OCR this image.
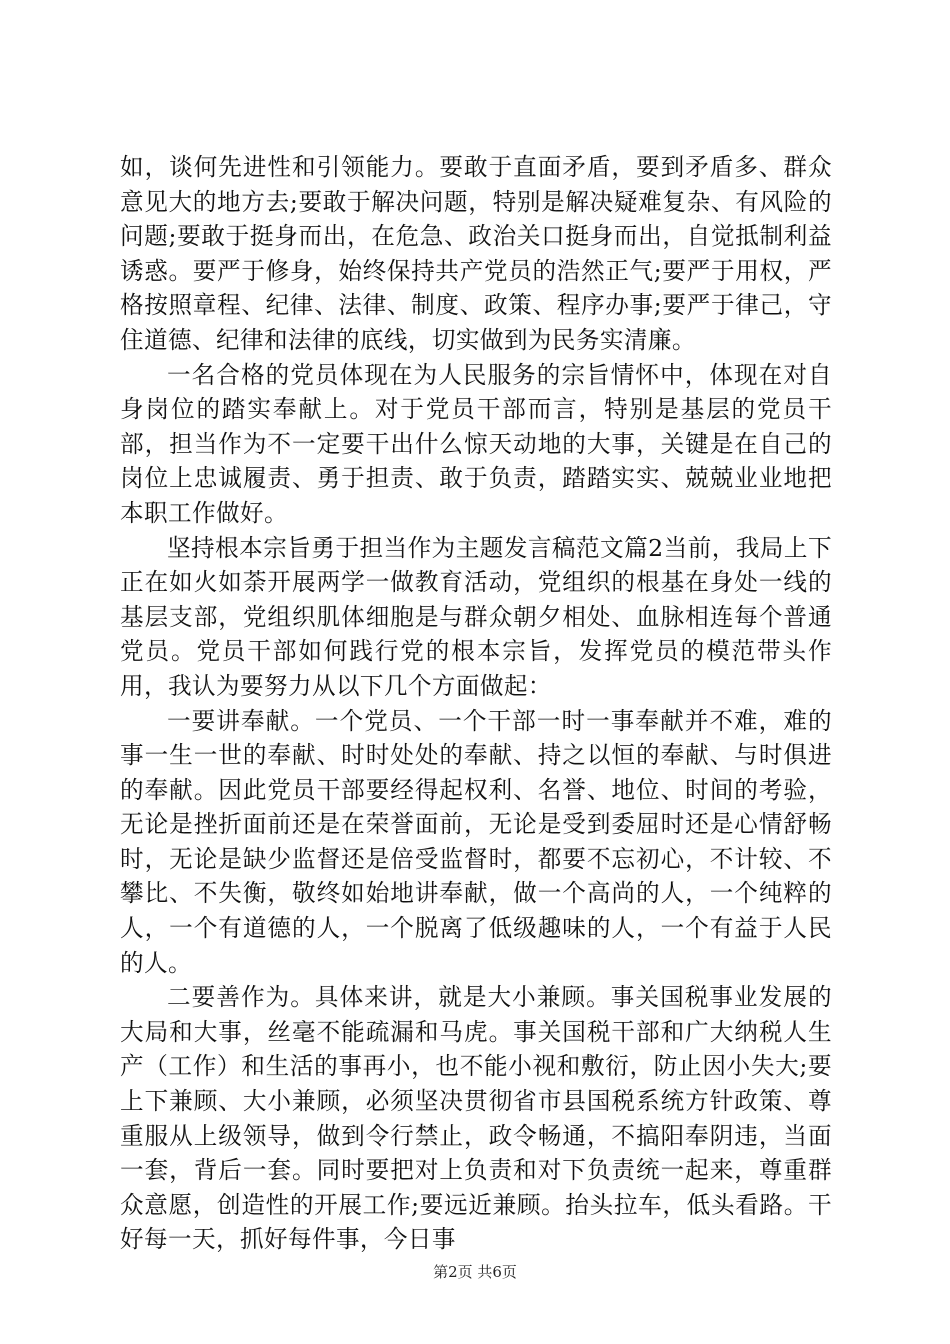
如，谈何先进性和引领能力。要敢于直面矛盾，要到矛盾多、群众意见大的地方去;要敢于解决问题，特别是解决疑难复杂、有风险的问题;要敢于挺身而出，在危急、政治关口挺身而出，自觉抵制利益诱惑。要严于修身，始终保持共产党员的浩然正气;要严于用权，严格按照章程、纪律、法律、制度、政策、程序办事;要严于律己，守住道德、纪律和法律的底线，切实做到为民务实清廉。

一名合格的党员体现在为人民服务的宗旨情怀中，体现在对自身岗位的踏实奉献上。对于党员干部而言，特别是基层的党员干部，担当作为不一定要干出什么惊天动地的大事，关键是在自己的岗位上忠诚履责、勇于担责、敢于负责，踏踏实实、兢兢业业地把本职工作做好。

坚持根本宗旨勇于担当作为主题发言稿范文篇2当前，我局上下正在如火如荼开展两学一做教育活动，党组织的根基在身处一线的基层支部，党组织肌体细胞是与群众朝夕相处、血脉相连每个普通党员。党员干部如何践行党的根本宗旨，发挥党员的模范带头作用，我认为要努力从以下几个方面做起：

一要讲奉献。一个党员、一个干部一时一事奉献并不难，难的事一生一世的奉献、时时处处的奉献、持之以恒的奉献、与时俱进的奉献。因此党员干部要经得起权利、名誉、地位、时间的考验，无论是挫折面前还是在荣誉面前，无论是受到委屈时还是心情舒畅时，无论是缺少监督还是倍受监督时，都要不忘初心，不计较、不攀比、不失衡，敬终如始地讲奉献，做一个高尚的人，一个纯粹的人，一个有道德的人，一个脱离了低级趣味的人，一个有益于人民的人。

二要善作为。具体来讲，就是大小兼顾。事关国税事业发展的大局和大事，丝毫不能疏漏和马虎。事关国税干部和广大纳税人生产（工作）和生活的事再小，也不能小视和敷衍，防止因小失大;要上下兼顾、大小兼顾，必须坚决贯彻省市县国税系统方针政策、尊重服从上级领导，做到令行禁止，政令畅通，不搞阳奉阴违，当面一套，背后一套。同时要把对上负责和对下负责统一起来，尊重群众意愿，创造性的开展工作;要远近兼顾。抬头拉车，低头看路。干好每一天，抓好每件事，今日事

第2页 共6页
